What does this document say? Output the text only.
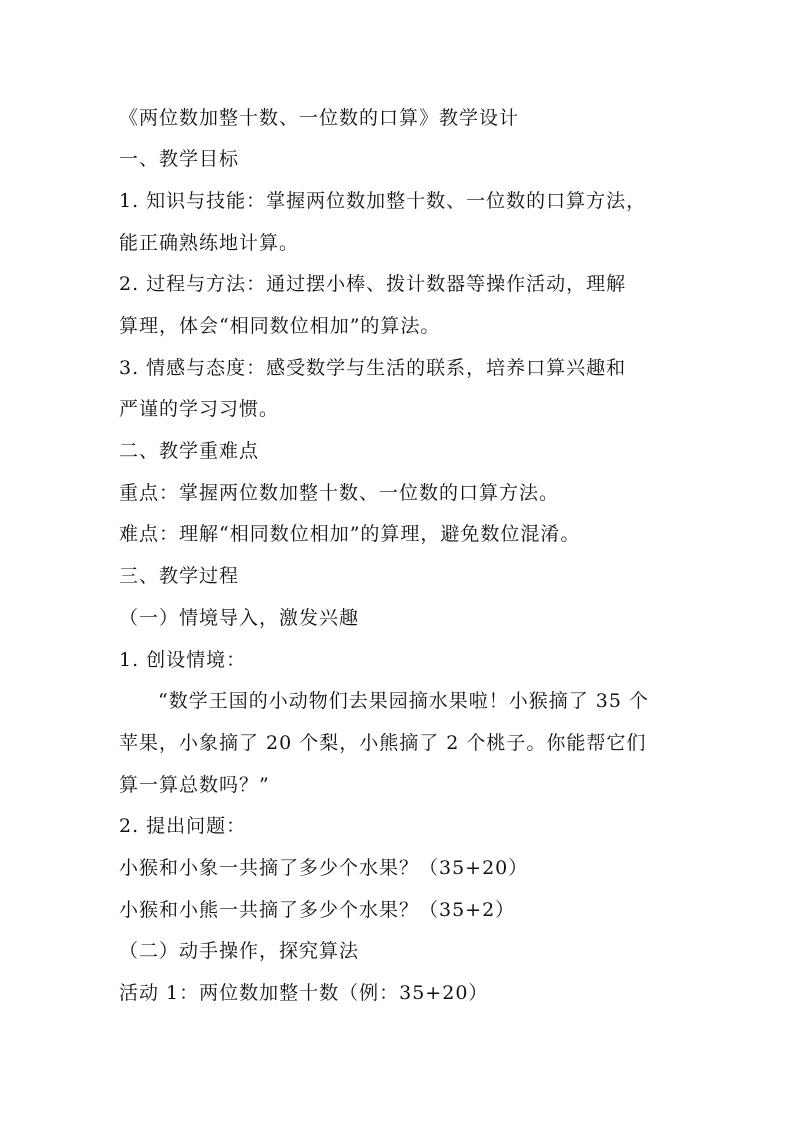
《两位数加整十数、一位数的口算》教学设计
一、教学目标
1. 知识与技能：掌握两位数加整十数、一位数的口算方法，
能正确熟练地计算。
2. 过程与方法：通过摆小棒、拨计数器等操作活动，理解
算理，体会“相同数位相加”的算法。
3. 情感与态度：感受数学与生活的联系，培养口算兴趣和
严谨的学习习惯。
二、教学重难点
重点：掌握两位数加整十数、一位数的口算方法。
难点：理解“相同数位相加”的算理，避免数位混淆。
三、教学过程
（一）情境导入，激发兴趣
1. 创设情境：
“数学王国的小动物们去果园摘水果啦！小猴摘了 35 个
苹果，小象摘了 20 个梨，小熊摘了 2 个桃子。你能帮它们
算一算总数吗？”
2. 提出问题：
小猴和小象一共摘了多少个水果？（35+20）
小猴和小熊一共摘了多少个水果？（35+2）
（二）动手操作，探究算法
活动 1：两位数加整十数（例：35+20）
